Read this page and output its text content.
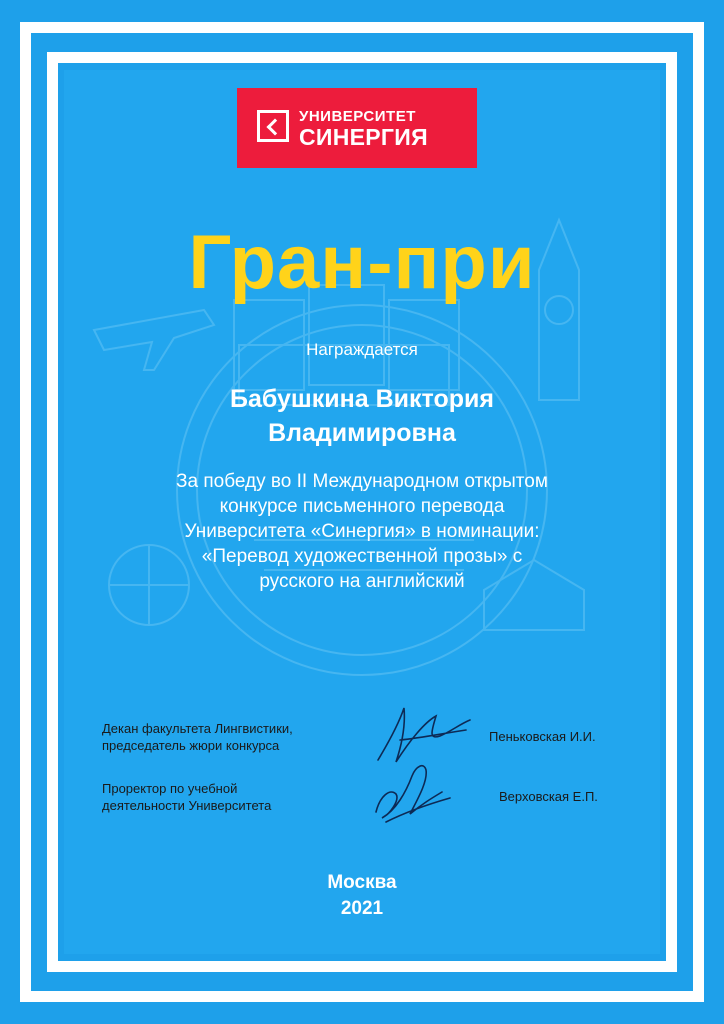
УНИВЕРСИТЕТ
СИНЕРГИЯ
Гран-при
Награждается
Бабушкина Виктория
Владимировна
За победу во II Международном открытом
конкурсе письменного перевода
Университета «Синергия» в номинации:
«Перевод художественной прозы» с
русского на английский
Декан факультета Лингвистики,
председатель жюри конкурса
Пеньковская И.И.
Проректор по учебной
деятельности Университета
Верховская Е.П.
Москва
2021
